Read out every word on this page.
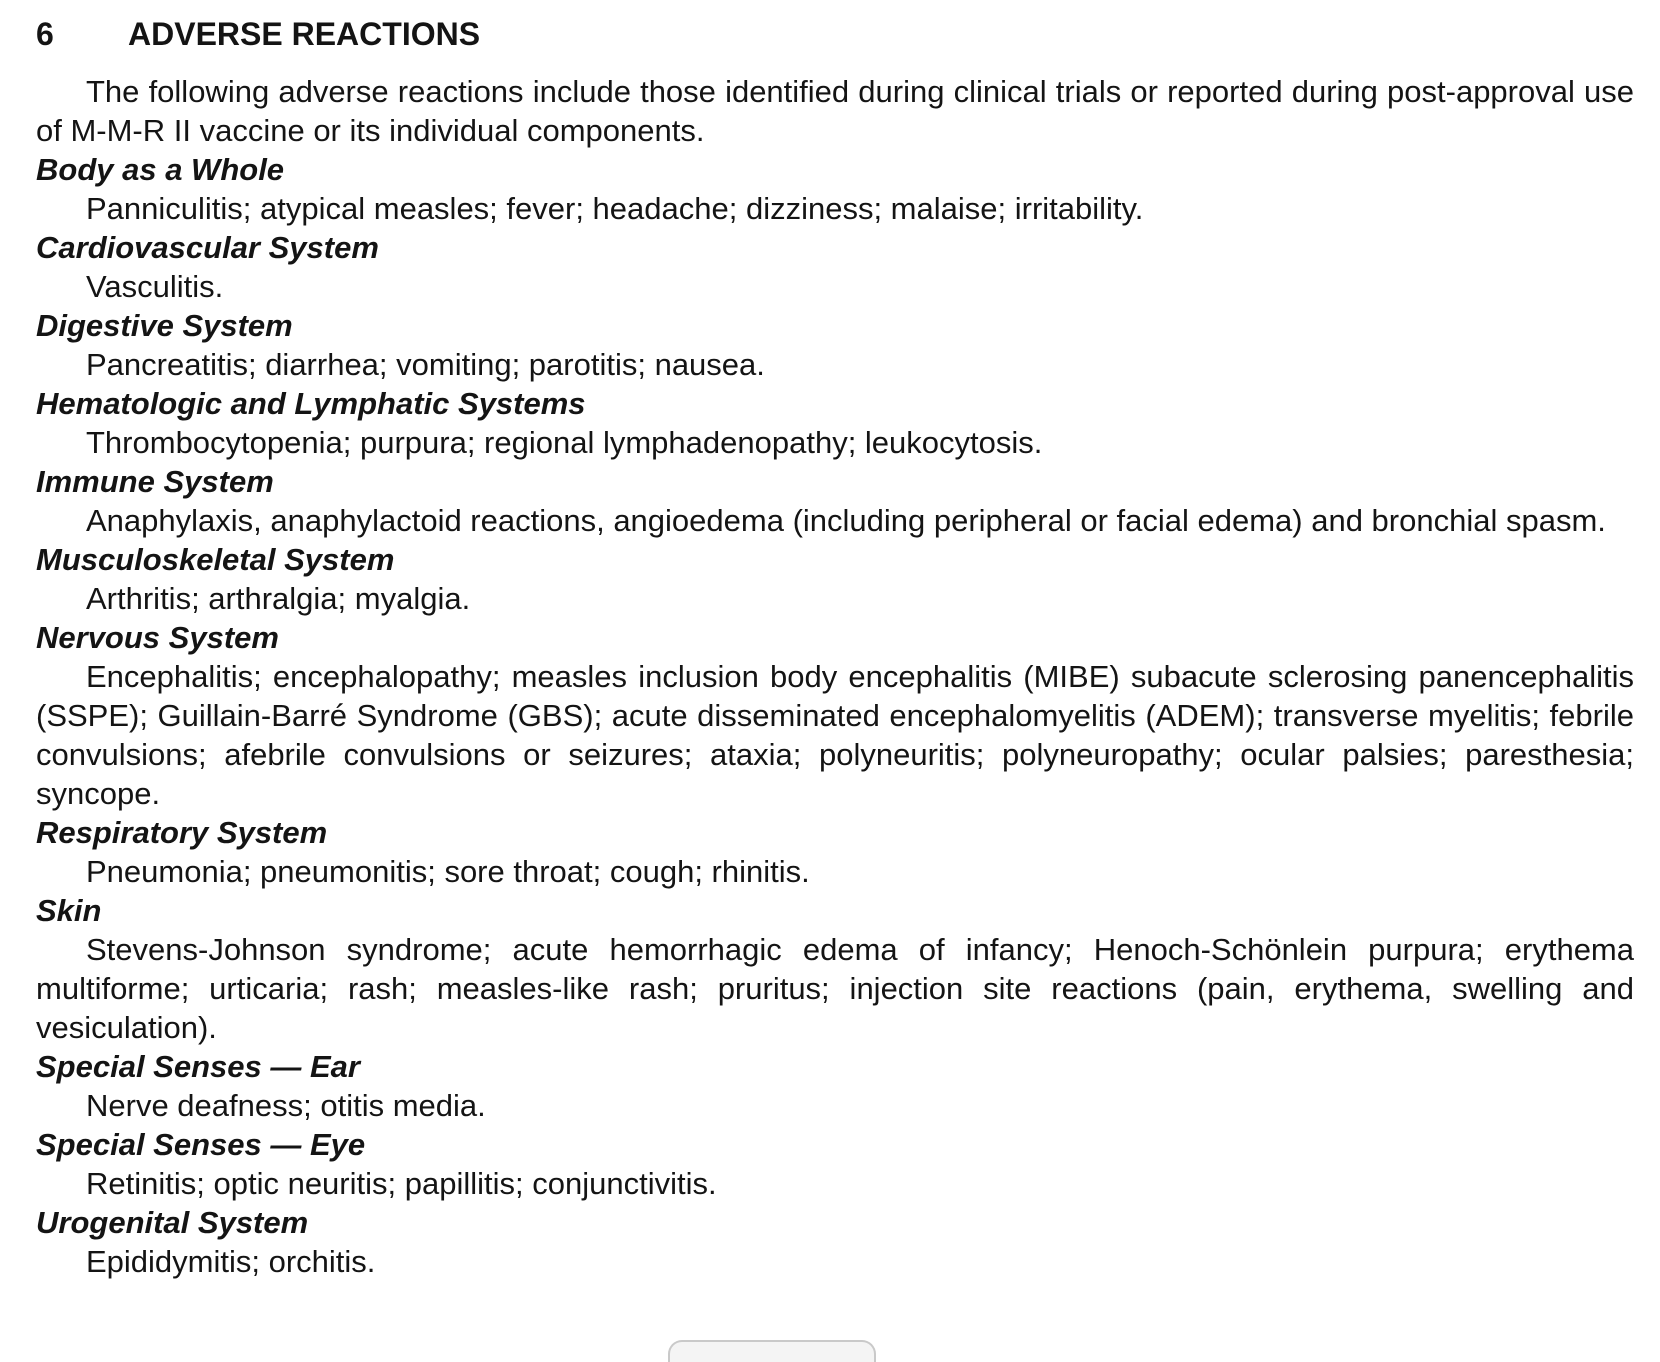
6	ADVERSE REACTIONS

The following adverse reactions include those identified during clinical trials or reported during post-approval use of M-M-R II vaccine or its individual components.

Body as a Whole

Panniculitis; atypical measles; fever; headache; dizziness; malaise; irritability.

Cardiovascular System

Vasculitis.

Digestive System

Pancreatitis; diarrhea; vomiting; parotitis; nausea.

Hematologic and Lymphatic Systems

Thrombocytopenia; purpura; regional lymphadenopathy; leukocytosis.

Immune System

Anaphylaxis, anaphylactoid reactions, angioedema (including peripheral or facial edema) and bronchial spasm.

Musculoskeletal System

Arthritis; arthralgia; myalgia.

Nervous System

Encephalitis; encephalopathy; measles inclusion body encephalitis (MIBE) subacute sclerosing panencephalitis (SSPE); Guillain-Barré Syndrome (GBS); acute disseminated encephalomyelitis (ADEM); transverse myelitis; febrile convulsions; afebrile convulsions or seizures; ataxia; polyneuritis; polyneuropathy; ocular palsies; paresthesia; syncope.

Respiratory System

Pneumonia; pneumonitis; sore throat; cough; rhinitis.

Skin

Stevens-Johnson syndrome; acute hemorrhagic edema of infancy; Henoch-Schönlein purpura; erythema multiforme; urticaria; rash; measles-like rash; pruritus; injection site reactions (pain, erythema, swelling and vesiculation).

Special Senses — Ear

Nerve deafness; otitis media.

Special Senses — Eye

Retinitis; optic neuritis; papillitis; conjunctivitis.

Urogenital System

Epididymitis; orchitis.
